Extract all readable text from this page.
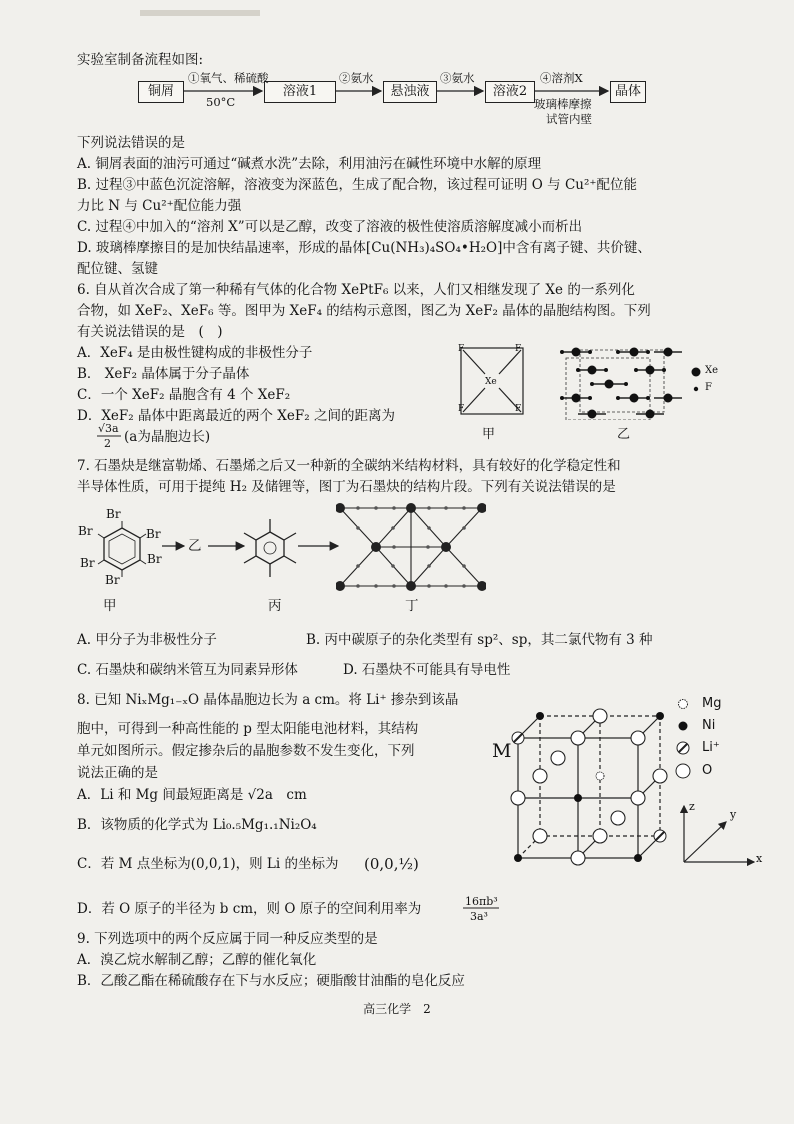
实验室制备流程如图:
铜屑	溶液1	悬浊液	溶液2	晶体
①氧气、稀硫酸
50°C
②氨水	③氨水	④溶剂X
玻璃棒摩擦
试管内壁
下列说法错误的是
A. 铜屑表面的油污可通过“碱煮水洗”去除，利用油污在碱性环境中水解的原理
B. 过程③中蓝色沉淀溶解，溶液变为深蓝色，生成了配合物，该过程可证明 O 与 Cu²⁺配位能
力比 N 与 Cu²⁺配位能力强
C. 过程④中加入的“溶剂 X”可以是乙醇，改变了溶液的极性使溶质溶解度减小而析出
D. 玻璃棒摩擦目的是加快结晶速率，形成的晶体[Cu(NH₃)₄SO₄•H₂O]中含有离子键、共价键、
配位键、氢键
6. 自从首次合成了第一种稀有气体的化合物 XePtF₆ 以来，人们又相继发现了 Xe 的一系列化
合物，如 XeF₂、XeF₆ 等。图甲为 XeF₄ 的结构示意图，图乙为 XeF₂ 晶体的晶胞结构图。下列
有关说法错误的是　(　)
A．XeF₄ 是由极性键构成的非极性分子
B． XeF₂ 晶体属于分子晶体
C．一个 XeF₂ 晶胞含有 4 个 XeF₂
D．XeF₂ 晶体中距离最近的两个 XeF₂ 之间的距离为
√3a
2 (a为晶胞边长)
F	F
Xe
F	F
甲
Xe
F
乙
7. 石墨炔是继富勒烯、石墨烯之后又一种新的全碳纳米结构材料，具有较好的化学稳定性和
半导体性质，可用于提纯 H₂ 及储锂等，图丁为石墨炔的结构片段。下列有关说法错误的是
Br
Br	Br
Br	Br
Br
乙
甲	丙	丁
A. 甲分子为非极性分子	B. 丙中碳原子的杂化类型有 sp²、sp，其二氯代物有 3 种
C. 石墨炔和碳纳米管互为同素异形体	D. 石墨炔不可能具有导电性
8. 已知 NiₓMg₁₋ₓO 晶体晶胞边长为 a cm。将 Li⁺ 掺杂到该晶
胞中，可得到一种高性能的 p 型太阳能电池材料，其结构
单元如图所示。假定掺杂后的晶胞参数不发生变化，下列
说法正确的是
A．Li 和 Mg 间最短距离是 √2a　cm
B．该物质的化学式为 Li₀.₅Mg₁.₁Ni₂O₄
C．若 M 点坐标为(0,0,1)，则 Li 的坐标为 (0,0,½)
D．若 O 原子的半径为 b cm，则 O 原子的空间利用率为	16πb³
3a³
M
Mg
Ni
Li⁺
O
z
y
x
9. 下列选项中的两个反应属于同一种反应类型的是
A．溴乙烷水解制乙醇；乙醇的催化氧化
B．乙酸乙酯在稀硫酸存在下与水反应；硬脂酸甘油酯的皂化反应
高三化学　2
